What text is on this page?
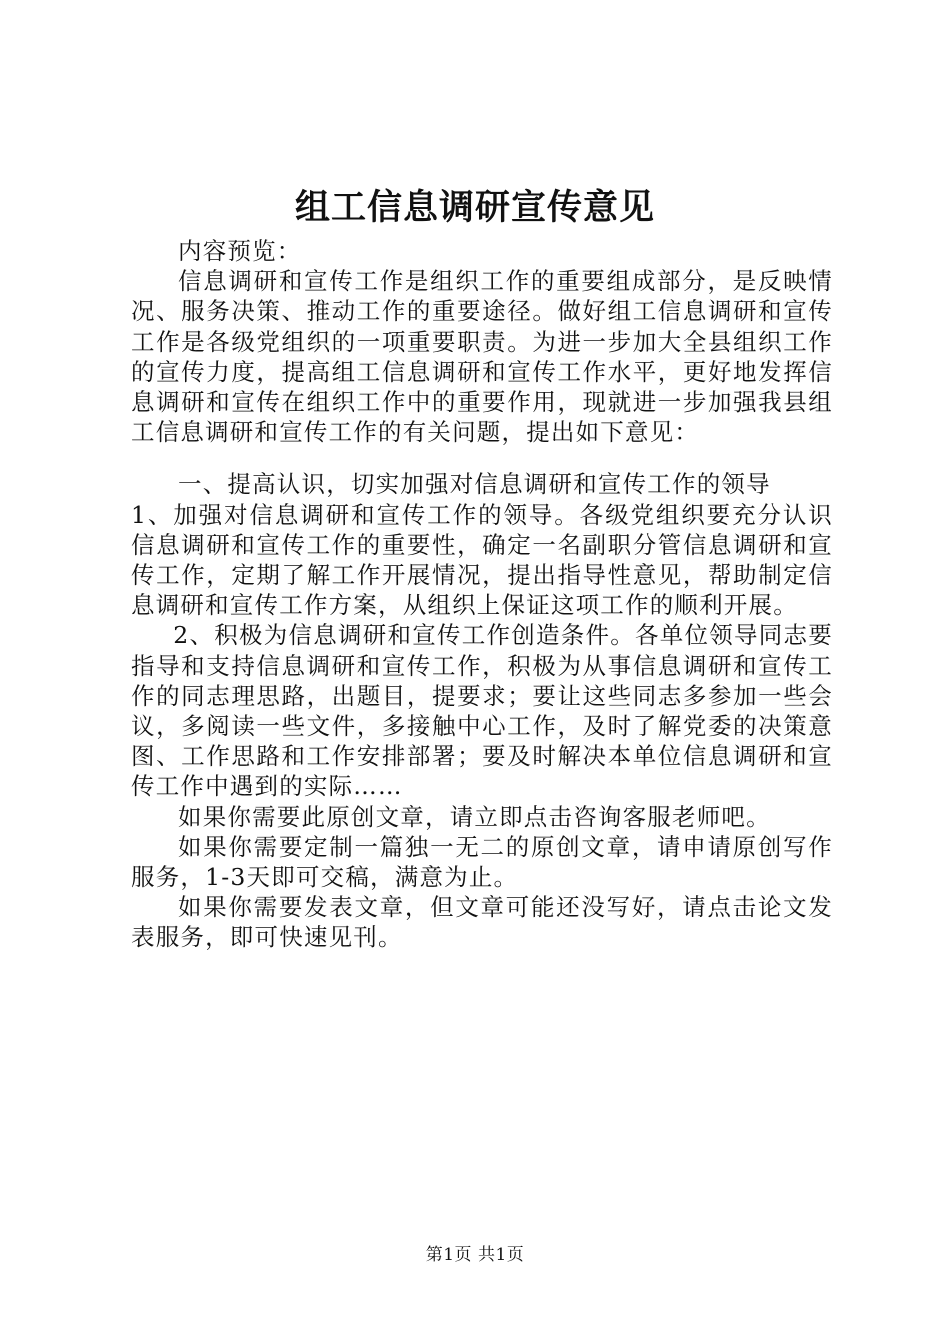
组工信息调研宣传意见

内容预览：

信息调研和宣传工作是组织工作的重要组成部分，是反映情况、服务决策、推动工作的重要途径。做好组工信息调研和宣传工作是各级党组织的一项重要职责。为进一步加大全县组织工作的宣传力度，提高组工信息调研和宣传工作水平，更好地发挥信息调研和宣传在组织工作中的重要作用，现就进一步加强我县组工信息调研和宣传工作的有关问题，提出如下意见：

一、提高认识，切实加强对信息调研和宣传工作的领导

1、加强对信息调研和宣传工作的领导。各级党组织要充分认识信息调研和宣传工作的重要性，确定一名副职分管信息调研和宣传工作，定期了解工作开展情况，提出指导性意见，帮助制定信息调研和宣传工作方案，从组织上保证这项工作的顺利开展。

2、积极为信息调研和宣传工作创造条件。各单位领导同志要指导和支持信息调研和宣传工作，积极为从事信息调研和宣传工作的同志理思路，出题目，提要求；要让这些同志多参加一些会议，多阅读一些文件，多接触中心工作，及时了解党委的决策意图、工作思路和工作安排部署；要及时解决本单位信息调研和宣传工作中遇到的实际……

如果你需要此原创文章，请立即点击咨询客服老师吧。

如果你需要定制一篇独一无二的原创文章，请申请原创写作服务，1-3天即可交稿，满意为止。

如果你需要发表文章，但文章可能还没写好，请点击论文发表服务，即可快速见刊。

第1页 共1页
